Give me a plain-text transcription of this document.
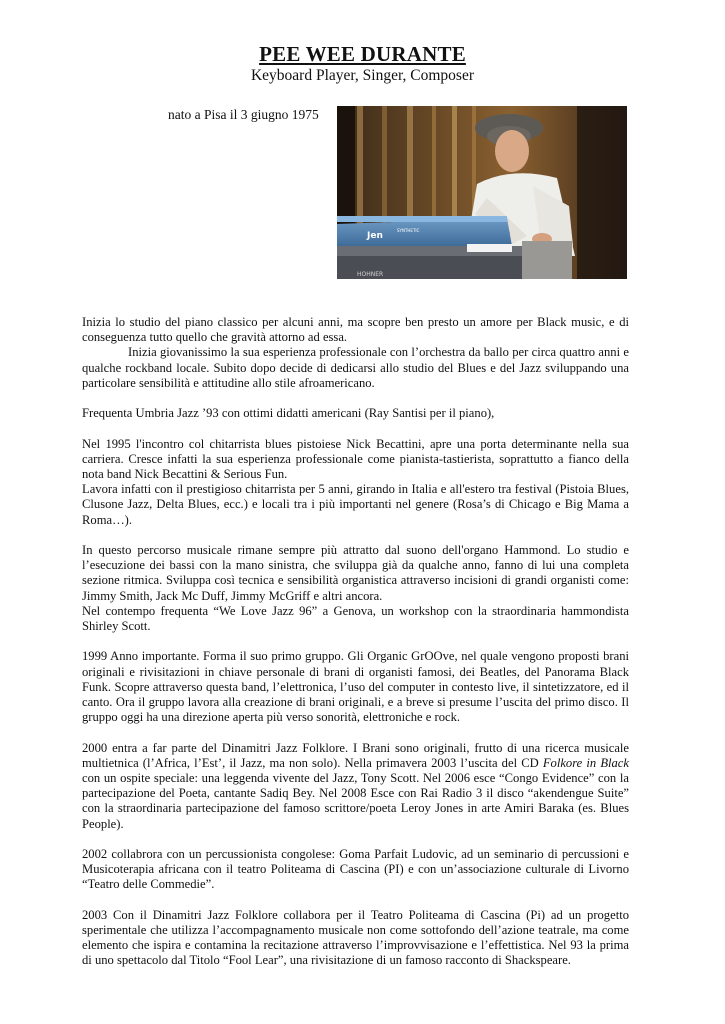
PEE WEE DURANTE
Keyboard Player, Singer, Composer
nato a Pisa il 3 giugno 1975
Jen
SYNTHETIC
HOHNER

Inizia lo studio del piano classico per alcuni anni, ma scopre ben presto un amore per Black music, e di conseguenza tutto quello che gravità attorno ad essa.
Inizia giovanissimo la sua esperienza professionale con l’orchestra da ballo per circa quattro anni e qualche rockband locale. Subito dopo decide di dedicarsi allo studio del Blues e del Jazz sviluppando una particolare sensibilità e attitudine allo stile afroamericano.

Frequenta Umbria Jazz ’93 con ottimi didatti americani (Ray Santisi per il piano),

Nel 1995 l'incontro col chitarrista blues pistoiese Nick Becattini, apre una porta determinante nella sua carriera. Cresce infatti la sua esperienza professionale come pianista-tastierista, soprattutto a fianco della nota band Nick Becattini & Serious Fun.
Lavora infatti con il prestigioso chitarrista per 5 anni, girando in Italia e all'estero tra festival (Pistoia Blues, Clusone Jazz, Delta Blues, ecc.) e locali tra i più importanti nel genere (Rosa’s di Chicago e Big Mama a Roma…).

In questo percorso musicale rimane sempre più attratto dal suono dell'organo Hammond. Lo studio e l’esecuzione dei bassi con la mano sinistra, che sviluppa già da qualche anno, fanno di lui una completa sezione ritmica. Sviluppa così tecnica e sensibilità organistica attraverso incisioni di grandi organisti come: Jimmy Smith, Jack Mc Duff, Jimmy McGriff e altri ancora.
Nel contempo frequenta “We Love Jazz 96” a Genova, un workshop con la straordinaria hammondista Shirley Scott.

1999 Anno importante. Forma il suo primo gruppo. Gli Organic GrOOve, nel quale vengono proposti brani originali e rivisitazioni in chiave personale di brani di organisti famosi, dei Beatles, del Panorama Black Funk. Scopre attraverso questa band, l’elettronica, l’uso del computer in contesto live, il sintetizzatore, ed il canto. Ora il gruppo lavora alla creazione di brani originali, e a breve si presume l’uscita del primo disco. Il gruppo oggi ha una direzione aperta più verso sonorità, elettroniche e rock.

2000 entra a far parte del Dinamitri Jazz Folklore. I Brani sono originali, frutto di una ricerca musicale multietnica (l’Africa, l’Est’, il Jazz, ma non solo). Nella primavera 2003 l’uscita del CD Folkore in Black con un ospite speciale: una leggenda vivente del Jazz, Tony Scott. Nel 2006 esce “Congo Evidence” con la partecipazione del Poeta, cantante Sadiq Bey. Nel 2008 Esce con Rai Radio 3 il disco “akendengue Suite” con la straordinaria partecipazione del famoso scrittore/poeta Leroy Jones in arte Amiri Baraka (es. Blues People).

2002 collabrora con un percussionista congolese: Goma Parfait Ludovic, ad un seminario di percussioni e Musicoterapia africana con il teatro Politeama di Cascina (PI) e con un’associazione culturale di Livorno “Teatro delle Commedie”.

2003 Con il Dinamitri Jazz Folklore collabora per il Teatro Politeama di Cascina (Pi) ad un progetto sperimentale che utilizza l’accompagnamento musicale non come sottofondo dell’azione teatrale, ma come elemento che ispira e contamina la recitazione attraverso l’improvvisazione e l’effettistica. Nel 93 la prima di uno spettacolo dal Titolo “Fool Lear”, una rivisitazione di un famoso racconto di Shackspeare.
